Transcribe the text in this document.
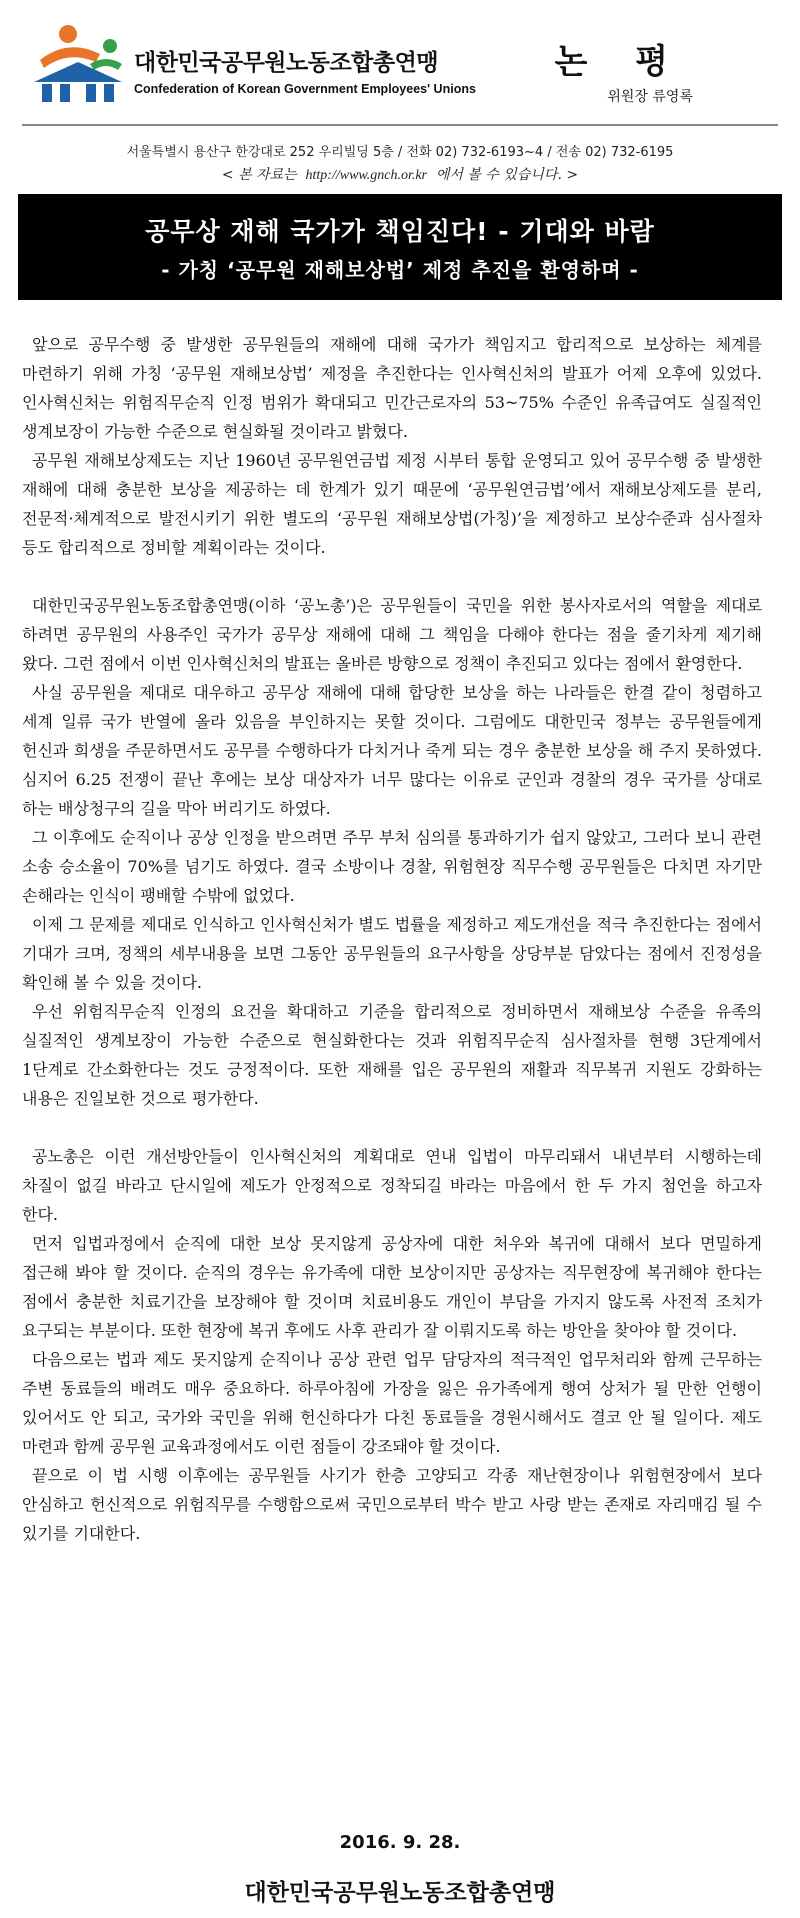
대한민국공무원노동조합총연맹
Confederation of Korean Government Employees' Unions
논 평
위원장 류영록
서울특별시 용산구 한강대로 252 우리빌딩 5층 / 전화 02) 732-6193~4 / 전송 02) 732-6195
< 본 자료는 http://www.gnch.or.kr 에서 볼 수 있습니다. >
공무상 재해 국가가 책임진다! - 기대와 바람
- 가칭 ‘공무원 재해보상법’ 제정 추진을 환영하며 -

앞으로 공무수행 중 발생한 공무원들의 재해에 대해 국가가 책임지고 합리적으로 보상하는 체계를 마련하기 위해 가칭 ‘공무원 재해보상법’ 제정을 추진한다는 인사혁신처의 발표가 어제 오후에 있었다. 인사혁신처는 위험직무순직 인정 범위가 확대되고 민간근로자의 53~75% 수준인 유족급여도 실질적인 생계보장이 가능한 수준으로 현실화될 것이라고 밝혔다.

공무원 재해보상제도는 지난 1960년 공무원연금법 제정 시부터 통합 운영되고 있어 공무수행 중 발생한 재해에 대해 충분한 보상을 제공하는 데 한계가 있기 때문에 ‘공무원연금법’에서 재해보상제도를 분리, 전문적·체계적으로 발전시키기 위한 별도의 ‘공무원 재해보상법(가칭)’을 제정하고 보상수준과 심사절차 등도 합리적으로 정비할 계획이라는 것이다.

대한민국공무원노동조합총연맹(이하 ‘공노총’)은 공무원들이 국민을 위한 봉사자로서의 역할을 제대로 하려면 공무원의 사용주인 국가가 공무상 재해에 대해 그 책임을 다해야 한다는 점을 줄기차게 제기해 왔다. 그런 점에서 이번 인사혁신처의 발표는 올바른 방향으로 정책이 추진되고 있다는 점에서 환영한다.

사실 공무원을 제대로 대우하고 공무상 재해에 대해 합당한 보상을 하는 나라들은 한결 같이 청렴하고 세계 일류 국가 반열에 올라 있음을 부인하지는 못할 것이다. 그럼에도 대한민국 정부는 공무원들에게 헌신과 희생을 주문하면서도 공무를 수행하다가 다치거나 죽게 되는 경우 충분한 보상을 해 주지 못하였다. 심지어 6.25 전쟁이 끝난 후에는 보상 대상자가 너무 많다는 이유로 군인과 경찰의 경우 국가를 상대로 하는 배상청구의 길을 막아 버리기도 하였다.

그 이후에도 순직이나 공상 인정을 받으려면 주무 부처 심의를 통과하기가 쉽지 않았고, 그러다 보니 관련 소송 승소율이 70%를 넘기도 하였다. 결국 소방이나 경찰, 위험현장 직무수행 공무원들은 다치면 자기만 손해라는 인식이 팽배할 수밖에 없었다.

이제 그 문제를 제대로 인식하고 인사혁신처가 별도 법률을 제정하고 제도개선을 적극 추진한다는 점에서 기대가 크며, 정책의 세부내용을 보면 그동안 공무원들의 요구사항을 상당부분 담았다는 점에서 진정성을 확인해 볼 수 있을 것이다.

우선 위험직무순직 인정의 요건을 확대하고 기준을 합리적으로 정비하면서 재해보상 수준을 유족의 실질적인 생계보장이 가능한 수준으로 현실화한다는 것과 위험직무순직 심사절차를 현행 3단계에서 1단계로 간소화한다는 것도 긍정적이다. 또한 재해를 입은 공무원의 재활과 직무복귀 지원도 강화하는 내용은 진일보한 것으로 평가한다.

공노총은 이런 개선방안들이 인사혁신처의 계획대로 연내 입법이 마무리돼서 내년부터 시행하는데 차질이 없길 바라고 단시일에 제도가 안정적으로 정착되길 바라는 마음에서 한 두 가지 첨언을 하고자 한다.

먼저 입법과정에서 순직에 대한 보상 못지않게 공상자에 대한 처우와 복귀에 대해서 보다 면밀하게 접근해 봐야 할 것이다. 순직의 경우는 유가족에 대한 보상이지만 공상자는 직무현장에 복귀해야 한다는 점에서 충분한 치료기간을 보장해야 할 것이며 치료비용도 개인이 부담을 가지지 않도록 사전적 조치가 요구되는 부분이다. 또한 현장에 복귀 후에도 사후 관리가 잘 이뤄지도록 하는 방안을 찾아야 할 것이다.

다음으로는 법과 제도 못지않게 순직이나 공상 관련 업무 담당자의 적극적인 업무처리와 함께 근무하는 주변 동료들의 배려도 매우 중요하다. 하루아침에 가장을 잃은 유가족에게 행여 상처가 될 만한 언행이 있어서도 안 되고, 국가와 국민을 위해 헌신하다가 다친 동료들을 경원시해서도 결코 안 될 일이다. 제도 마련과 함께 공무원 교육과정에서도 이런 점들이 강조돼야 할 것이다.

끝으로 이 법 시행 이후에는 공무원들 사기가 한층 고양되고 각종 재난현장이나 위험현장에서 보다 안심하고 헌신적으로 위험직무를 수행함으로써 국민으로부터 박수 받고 사랑 받는 존재로 자리매김 될 수 있기를 기대한다.

2016. 9. 28.
대한민국공무원노동조합총연맹
